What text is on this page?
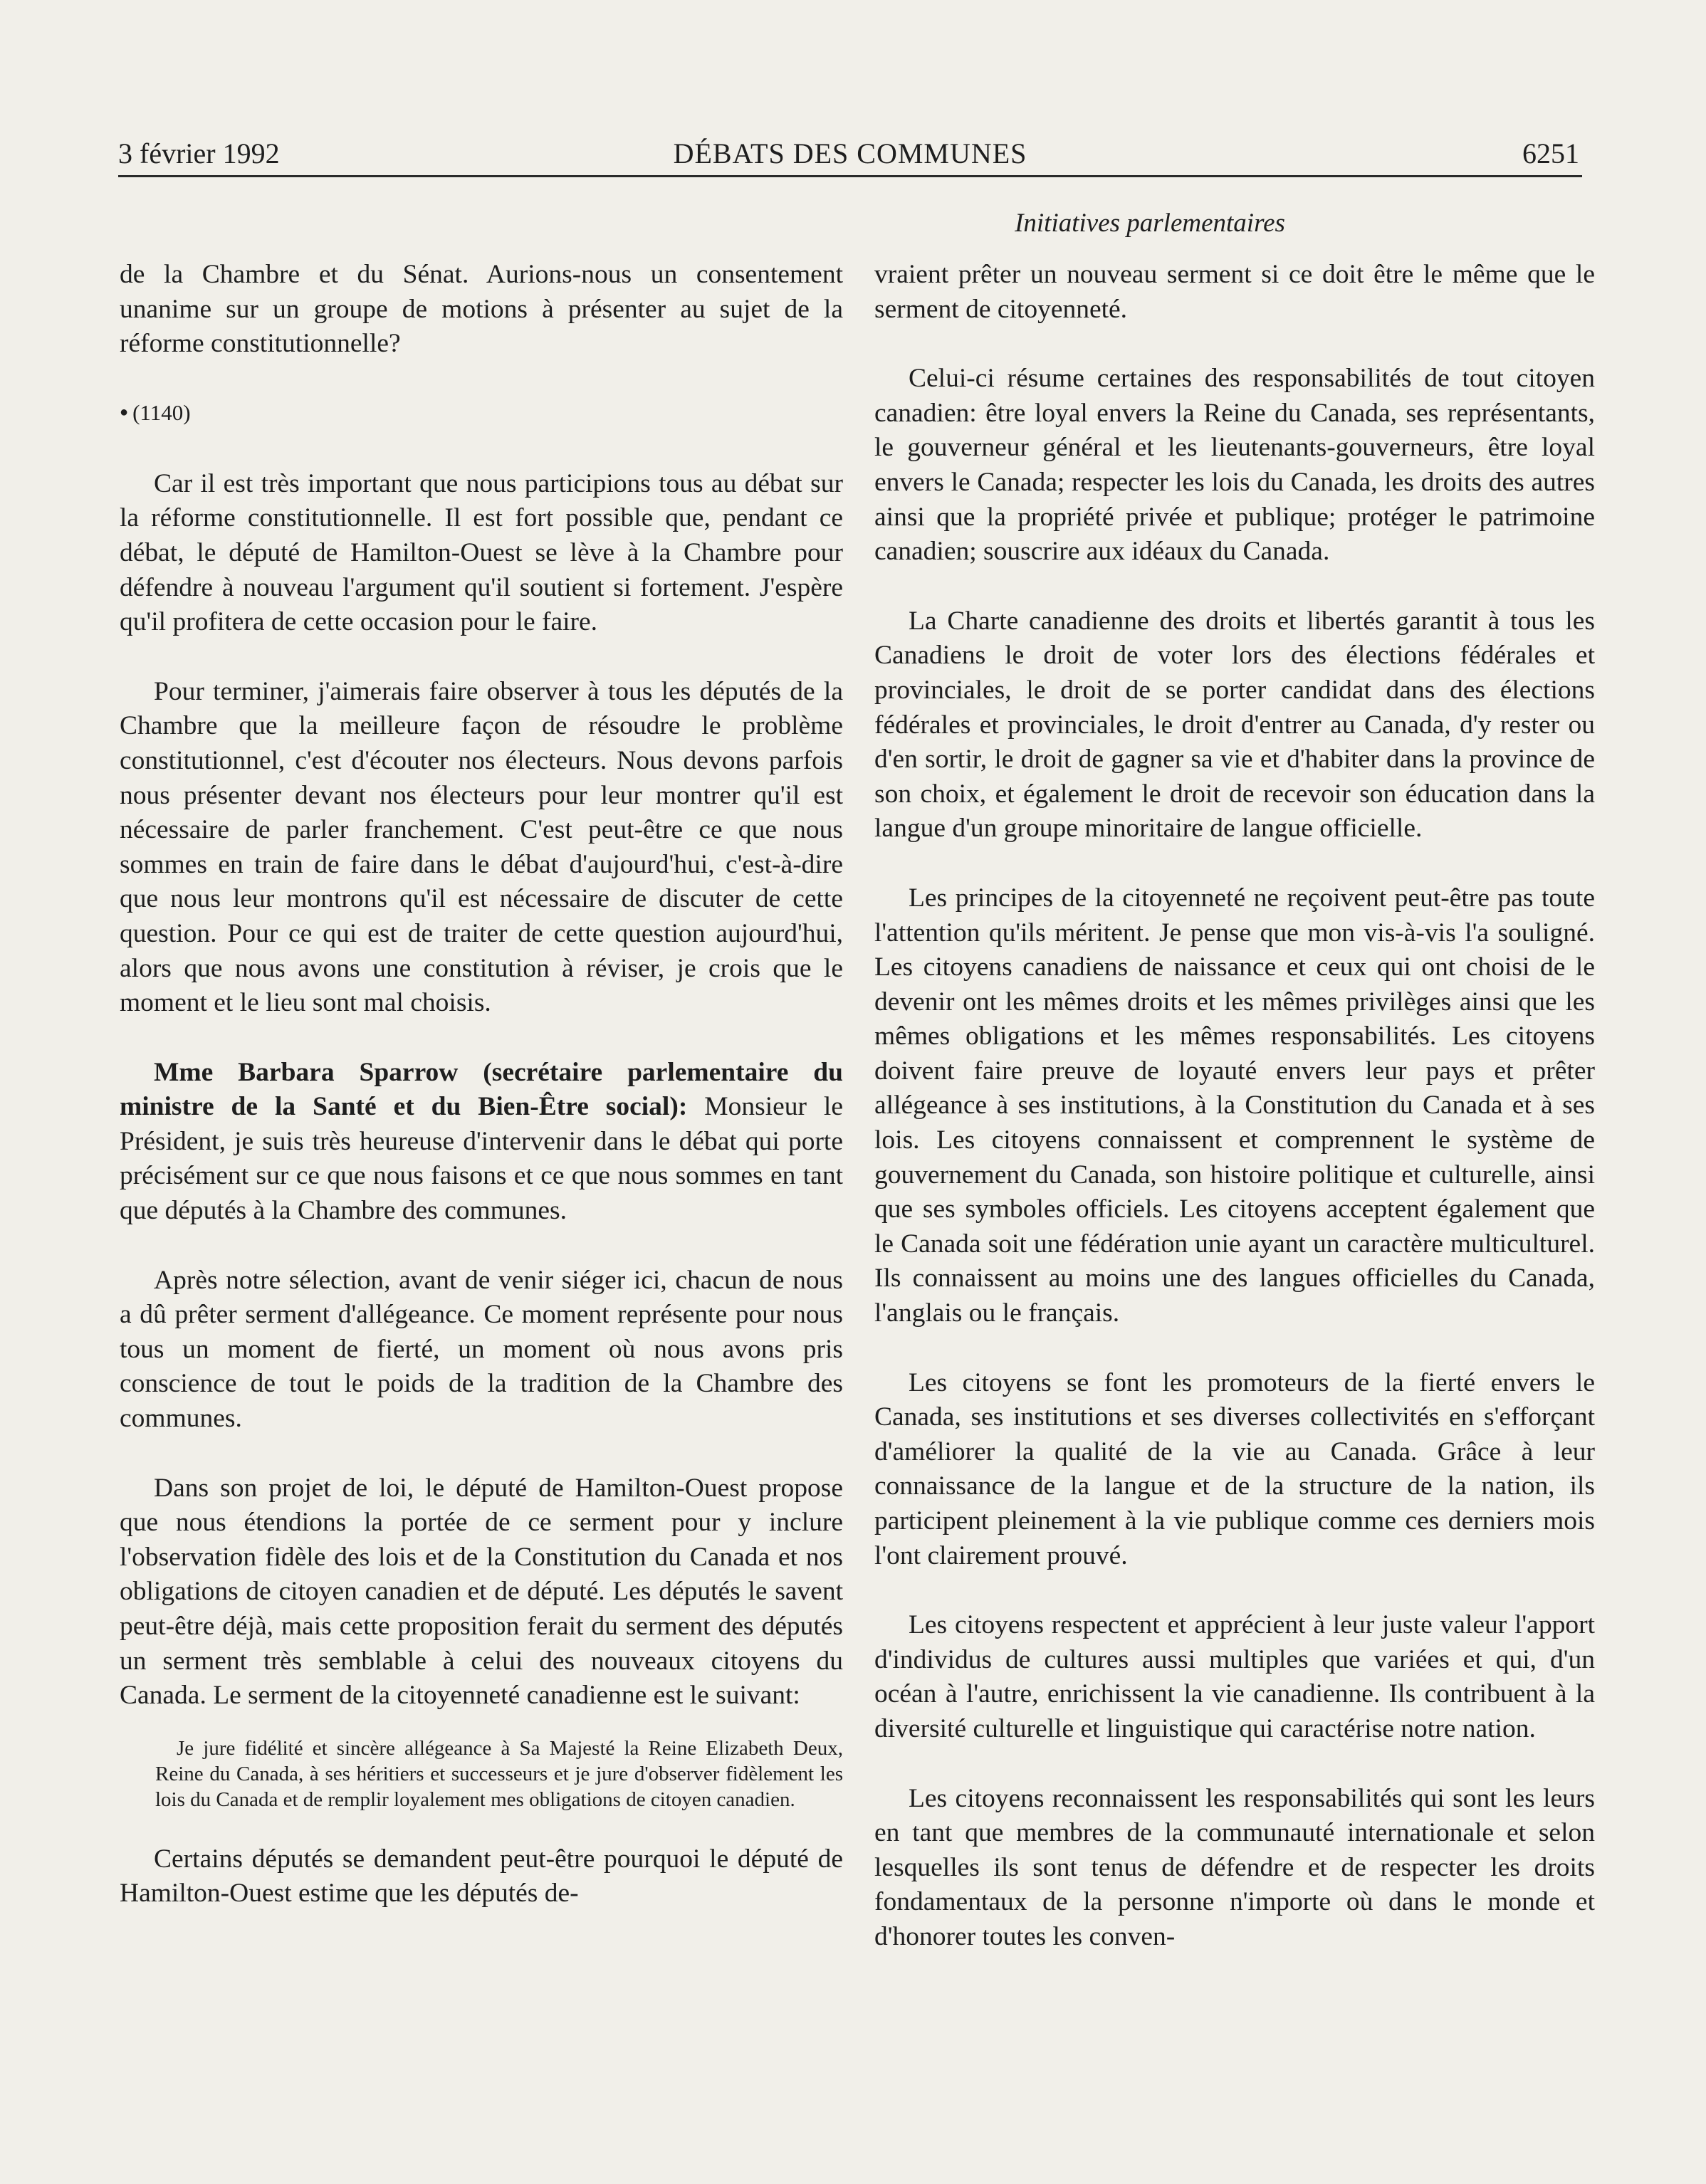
3 février 1992	DÉBATS DES COMMUNES	6251
Initiatives parlementaires

de la Chambre et du Sénat. Aurions-nous un consentement unanime sur un groupe de motions à présenter au sujet de la réforme constitutionnelle?

● (1140)

Car il est très important que nous participions tous au débat sur la réforme constitutionnelle. Il est fort possible que, pendant ce débat, le député de Hamilton-Ouest se lève à la Chambre pour défendre à nouveau l'argument qu'il soutient si fortement. J'espère qu'il profitera de cette occasion pour le faire.

Pour terminer, j'aimerais faire observer à tous les députés de la Chambre que la meilleure façon de résoudre le problème constitutionnel, c'est d'écouter nos électeurs. Nous devons parfois nous présenter devant nos électeurs pour leur montrer qu'il est nécessaire de parler franchement. C'est peut-être ce que nous sommes en train de faire dans le débat d'aujourd'hui, c'est-à-dire que nous leur montrons qu'il est nécessaire de discuter de cette question. Pour ce qui est de traiter de cette question aujourd'hui, alors que nous avons une constitution à réviser, je crois que le moment et le lieu sont mal choisis.

Mme Barbara Sparrow (secrétaire parlementaire du ministre de la Santé et du Bien-Être social): Monsieur le Président, je suis très heureuse d'intervenir dans le débat qui porte précisément sur ce que nous faisons et ce que nous sommes en tant que députés à la Chambre des communes.

Après notre sélection, avant de venir siéger ici, chacun de nous a dû prêter serment d'allégeance. Ce moment représente pour nous tous un moment de fierté, un moment où nous avons pris conscience de tout le poids de la tradition de la Chambre des communes.

Dans son projet de loi, le député de Hamilton-Ouest propose que nous étendions la portée de ce serment pour y inclure l'observation fidèle des lois et de la Constitution du Canada et nos obligations de citoyen canadien et de député. Les députés le savent peut-être déjà, mais cette proposition ferait du serment des députés un serment très semblable à celui des nouveaux citoyens du Canada. Le serment de la citoyenneté canadienne est le suivant:

Je jure fidélité et sincère allégeance à Sa Majesté la Reine Elizabeth Deux, Reine du Canada, à ses héritiers et successeurs et je jure d'observer fidèlement les lois du Canada et de remplir loyalement mes obligations de citoyen canadien.

Certains députés se demandent peut-être pourquoi le député de Hamilton-Ouest estime que les députés de-

vraient prêter un nouveau serment si ce doit être le même que le serment de citoyenneté.

Celui-ci résume certaines des responsabilités de tout citoyen canadien: être loyal envers la Reine du Canada, ses représentants, le gouverneur général et les lieutenants-gouverneurs, être loyal envers le Canada; respecter les lois du Canada, les droits des autres ainsi que la propriété privée et publique; protéger le patrimoine canadien; souscrire aux idéaux du Canada.

La Charte canadienne des droits et libertés garantit à tous les Canadiens le droit de voter lors des élections fédérales et provinciales, le droit de se porter candidat dans des élections fédérales et provinciales, le droit d'entrer au Canada, d'y rester ou d'en sortir, le droit de gagner sa vie et d'habiter dans la province de son choix, et également le droit de recevoir son éducation dans la langue d'un groupe minoritaire de langue officielle.

Les principes de la citoyenneté ne reçoivent peut-être pas toute l'attention qu'ils méritent. Je pense que mon vis-à-vis l'a souligné. Les citoyens canadiens de naissance et ceux qui ont choisi de le devenir ont les mêmes droits et les mêmes privilèges ainsi que les mêmes obligations et les mêmes responsabilités. Les citoyens doivent faire preuve de loyauté envers leur pays et prêter allégeance à ses institutions, à la Constitution du Canada et à ses lois. Les citoyens connaissent et comprennent le système de gouvernement du Canada, son histoire politique et culturelle, ainsi que ses symboles officiels. Les citoyens acceptent également que le Canada soit une fédération unie ayant un caractère multiculturel. Ils connaissent au moins une des langues officielles du Canada, l'anglais ou le français.

Les citoyens se font les promoteurs de la fierté envers le Canada, ses institutions et ses diverses collectivités en s'efforçant d'améliorer la qualité de la vie au Canada. Grâce à leur connaissance de la langue et de la structure de la nation, ils participent pleinement à la vie publique comme ces derniers mois l'ont clairement prouvé.

Les citoyens respectent et apprécient à leur juste valeur l'apport d'individus de cultures aussi multiples que variées et qui, d'un océan à l'autre, enrichissent la vie canadienne. Ils contribuent à la diversité culturelle et linguistique qui caractérise notre nation.

Les citoyens reconnaissent les responsabilités qui sont les leurs en tant que membres de la communauté internationale et selon lesquelles ils sont tenus de défendre et de respecter les droits fondamentaux de la personne n'importe où dans le monde et d'honorer toutes les conven-
